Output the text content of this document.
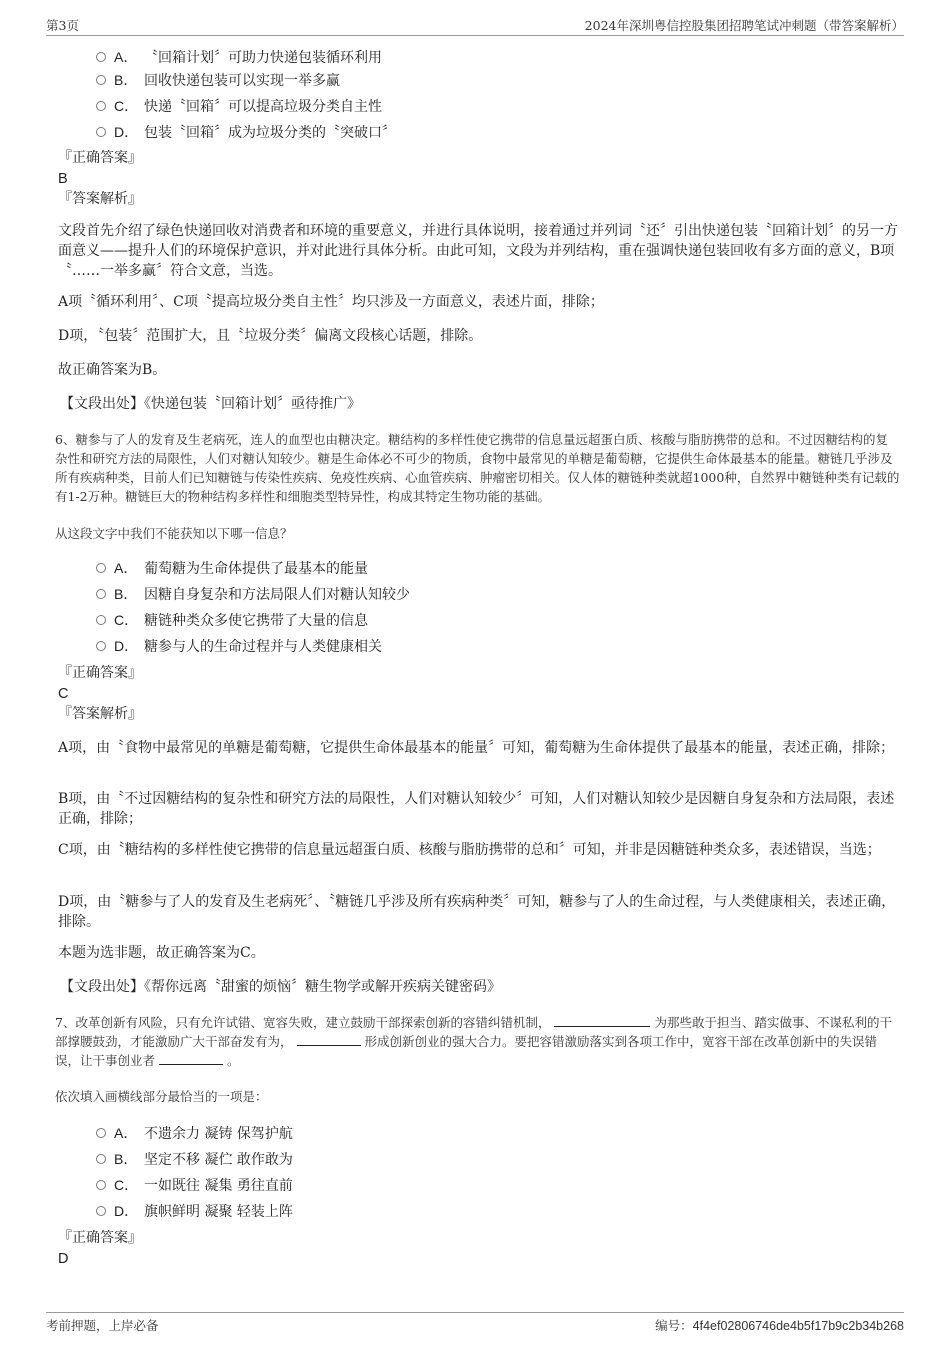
第3页	2024年深圳粤信控股集团招聘笔试冲刺题（带答案解析）
A． 〝回箱计划〞可助力快递包装循环利用
B． 回收快递包装可以实现一举多赢
C． 快递〝回箱〞可以提高垃圾分类自主性
D． 包装〝回箱〞成为垃圾分类的〝突破口〞
『正确答案』
B
『答案解析』
文段首先介绍了绿色快递回收对消费者和环境的重要意义，并进行具体说明，接着通过并列词〝还〞引出快递包装〝回箱计划〞的另一方面意义——提升人们的环境保护意识，并对此进行具体分析。由此可知，文段为并列结构，重在强调快递包装回收有多方面的意义，B项〝……一举多赢〞符合文意，当选。
A项〝循环利用〞、C项〝提高垃圾分类自主性〞均只涉及一方面意义，表述片面，排除；
D项，〝包装〞范围扩大，且〝垃圾分类〞偏离文段核心话题，排除。
故正确答案为B。
【文段出处】《快递包装〝回箱计划〞亟待推广》
6、糖参与了人的发育及生老病死，连人的血型也由糖决定。糖结构的多样性使它携带的信息量远超蛋白质、核酸与脂肪携带的总和。不过因糖结构的复杂性和研究方法的局限性，人们对糖认知较少。糖是生命体必不可少的物质，食物中最常见的单糖是葡萄糖，它提供生命体最基本的能量。糖链几乎涉及所有疾病种类，目前人们已知糖链与传染性疾病、免疫性疾病、心血管疾病、肿瘤密切相关。仅人体的糖链种类就超1000种，自然界中糖链种类有记载的有1-2万种。糖链巨大的物种结构多样性和细胞类型特异性，构成其特定生物功能的基础。
从这段文字中我们不能获知以下哪一信息？
A． 葡萄糖为生命体提供了最基本的能量
B． 因糖自身复杂和方法局限人们对糖认知较少
C． 糖链种类众多使它携带了大量的信息
D． 糖参与人的生命过程并与人类健康相关
『正确答案』
C
『答案解析』
A项，由〝食物中最常见的单糖是葡萄糖，它提供生命体最基本的能量〞可知，葡萄糖为生命体提供了最基本的能量，表述正确，排除；
B项，由〝不过因糖结构的复杂性和研究方法的局限性，人们对糖认知较少〞可知，人们对糖认知较少是因糖自身复杂和方法局限，表述正确，排除；
C项，由〝糖结构的多样性使它携带的信息量远超蛋白质、核酸与脂肪携带的总和〞可知，并非是因糖链种类众多，表述错误，当选；
D项，由〝糖参与了人的发育及生老病死〞、〝糖链几乎涉及所有疾病种类〞可知，糖参与了人的生命过程，与人类健康相关，表述正确，排除。
本题为选非题，故正确答案为C。
【文段出处】《帮你远离〝甜蜜的烦恼〞糖生物学或解开疾病关键密码》
7、改革创新有风险，只有允许试错、宽容失败，建立鼓励干部探索创新的容错纠错机制，	为那些敢于担当、踏实做事、不谋私利的干部撑腰鼓劲，才能激励广大干部奋发有为，	形成创新创业的强大合力。要把容错激励落实到各项工作中，宽容干部在改革创新中的失误错误，让干事创业者	。
依次填入画横线部分最恰当的一项是：
A． 不遗余力 凝铸 保驾护航
B． 坚定不移 凝伫 敢作敢为
C． 一如既往 凝集 勇往直前
D． 旗帜鲜明 凝聚 轻装上阵
『正确答案』
D
考前押题，上岸必备	编号：4f4ef02806746de4b5f17b9c2b34b268
